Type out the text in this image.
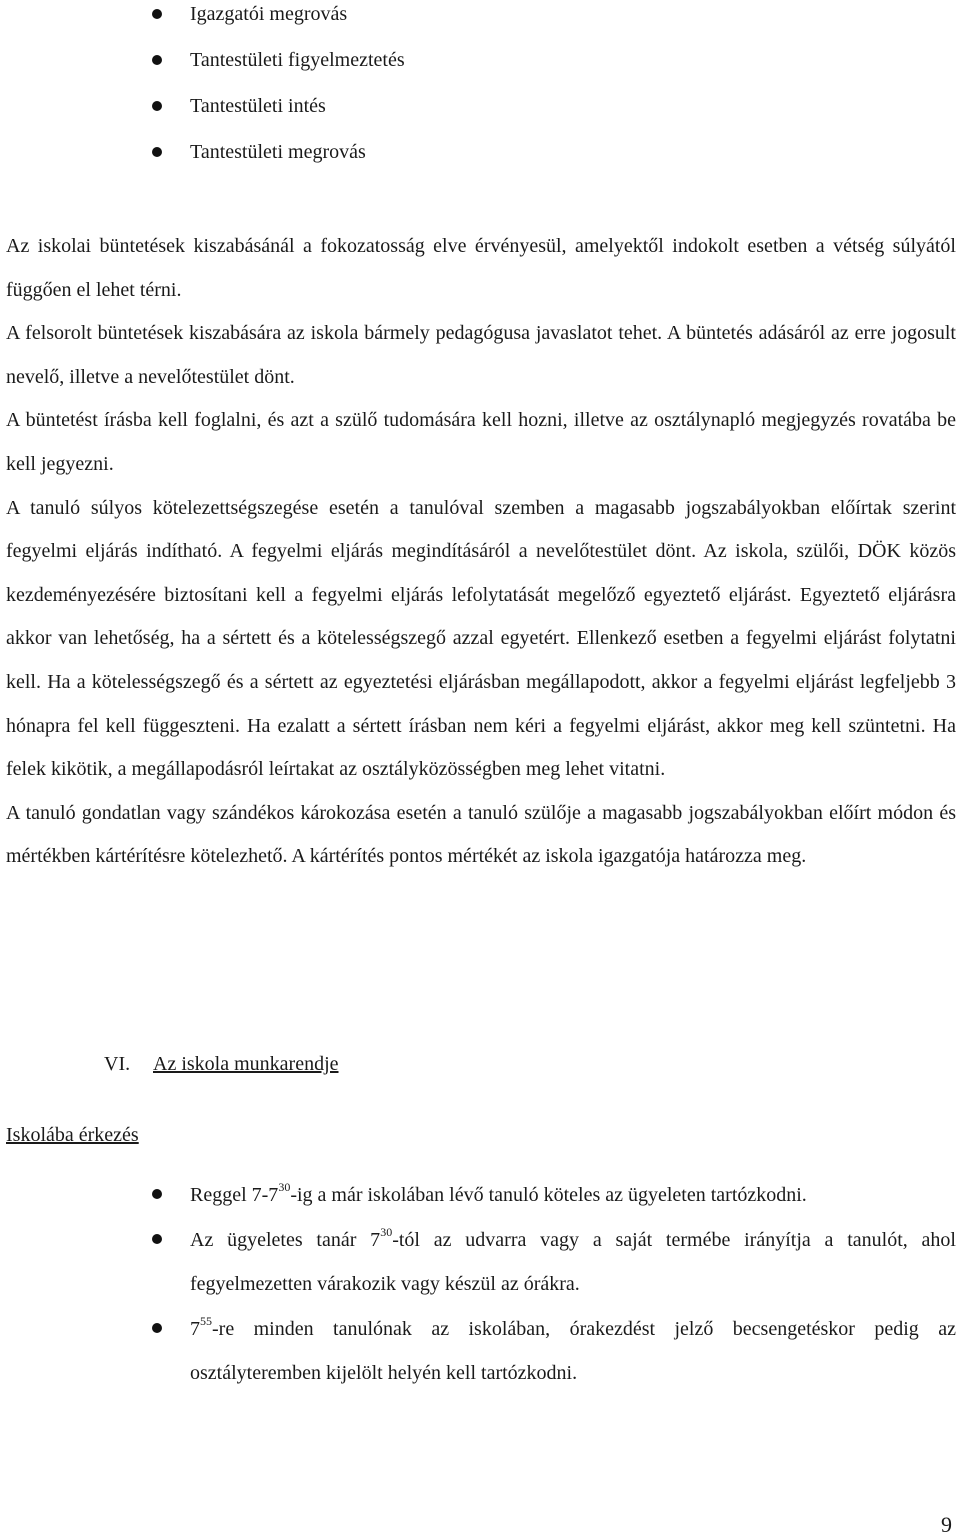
Igazgatói megrovás
Tantestületi figyelmeztetés
Tantestületi intés
Tantestületi megrovás

Az iskolai büntetések kiszabásánál a fokozatosság elve érvényesül, amelyektől indokolt esetben a vétség súlyától függően el lehet térni.

A felsorolt büntetések kiszabására az iskola bármely pedagógusa javaslatot tehet. A büntetés adásáról az erre jogosult nevelő, illetve a nevelőtestület dönt.

A büntetést írásba kell foglalni, és azt a szülő tudomására kell hozni, illetve az osztálynapló megjegyzés rovatába be kell jegyezni.

A tanuló súlyos kötelezettségszegése esetén a tanulóval szemben a magasabb jogszabályokban előírtak szerint fegyelmi eljárás indítható. A fegyelmi eljárás megindításáról a nevelőtestület dönt. Az iskola, szülői, DÖK közös kezdeményezésére biztosítani kell a fegyelmi eljárás lefolytatását megelőző egyeztető eljárást. Egyeztető eljárásra akkor van lehetőség, ha a sértett és a kötelességszegő azzal egyetért. Ellenkező esetben a fegyelmi eljárást folytatni kell. Ha a kötelességszegő és a sértett az egyeztetési eljárásban megállapodott, akkor a fegyelmi eljárást legfeljebb 3 hónapra fel kell függeszteni. Ha ezalatt a sértett írásban nem kéri a fegyelmi eljárást, akkor meg kell szüntetni. Ha felek kikötik, a megállapodásról leírtakat az osztályközösségben meg lehet vitatni.

A tanuló gondatlan vagy szándékos károkozása esetén a tanuló szülője a magasabb jogszabályokban előírt módon és mértékben kártérítésre kötelezhető. A kártérítés pontos mértékét az iskola igazgatója határozza meg.

VI. Az iskola munkarendje
Iskolába érkezés
Reggel $7-7^{30}-ig$ a már iskolában lévő tanuló köteles az ügyeleten tartózkodni.
Az ügyeletes tanár $7^{30}$-tól az udvarra vagy a saját termébe irányítja a tanulót, ahol fegyelmezetten várakozik vagy készül az órákra.
$7^{55}-re$ minden tanulónak az iskolában, órakezdést jelző becsengetéskor pedig az osztályteremben kijelölt helyén kell tartózkodni.
9
